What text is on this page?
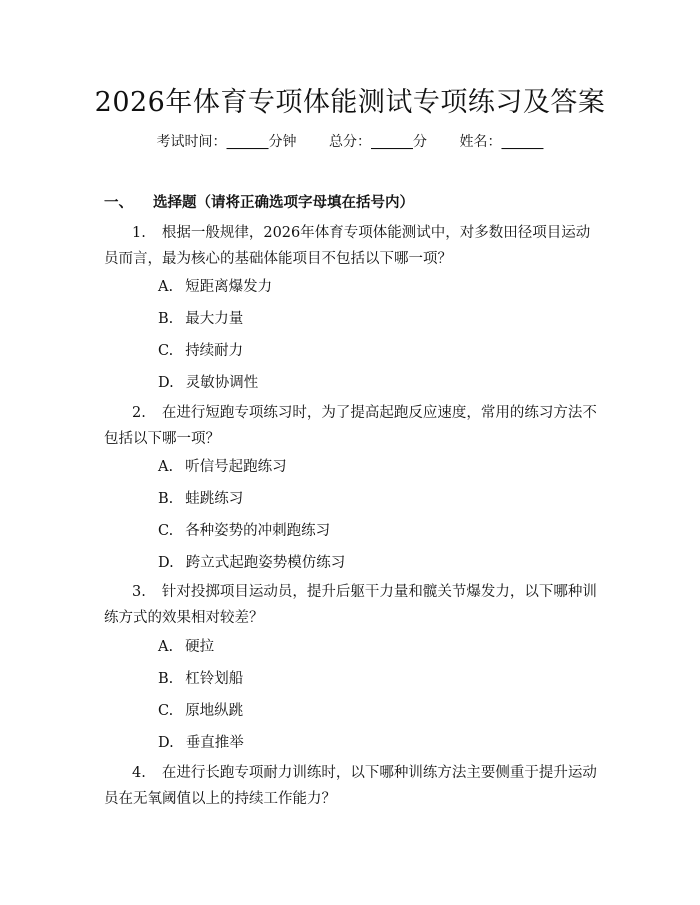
2026年体育专项体能测试专项练习及答案
考试时间：______分钟 总分：______分 姓名：______
一、 选择题（请将正确选项字母填在括号内）
1. 根据一般规律，2026年体育专项体能测试中，对多数田径项目运动员而言，最为核心的基础体能项目不包括以下哪一项？
A. 短距离爆发力
B. 最大力量
C. 持续耐力
D. 灵敏协调性
2. 在进行短跑专项练习时，为了提高起跑反应速度，常用的练习方法不包括以下哪一项？
A. 听信号起跑练习
B. 蛙跳练习
C. 各种姿势的冲刺跑练习
D. 跨立式起跑姿势模仿练习
3. 针对投掷项目运动员，提升后躯干力量和髋关节爆发力，以下哪种训练方式的效果相对较差？
A. 硬拉
B. 杠铃划船
C. 原地纵跳
D. 垂直推举
4. 在进行长跑专项耐力训练时，以下哪种训练方法主要侧重于提升运动员在无氧阈值以上的持续工作能力？
